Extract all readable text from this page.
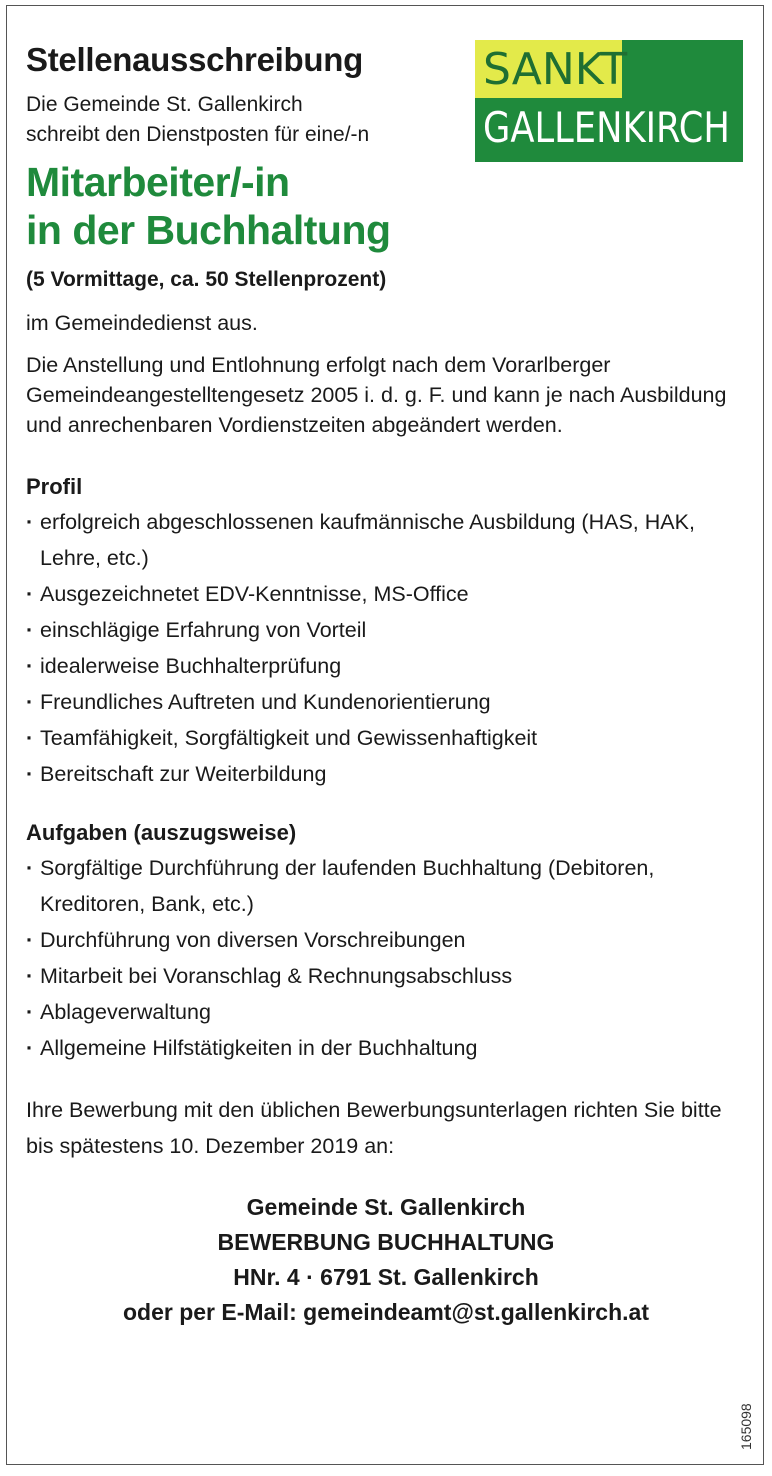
SANKT
GALLENKIRCH
Stellenausschreibung
Die Gemeinde St. Gallenkirch
schreibt den Dienstposten für eine/-n
Mitarbeiter/-in
in der Buchhaltung
(5 Vormittage, ca. 50 Stellenprozent)
im Gemeindedienst aus.
Die Anstellung und Entlohnung erfolgt nach dem Vorarlberger Gemeindeangestelltengesetz 2005 i. d. g. F. und kann je nach Ausbildung und anrechenbaren Vordienstzeiten abgeändert werden.
Profil
· erfolgreich abgeschlossenen kaufmännische Ausbildung (HAS, HAK, Lehre, etc.)
· Ausgezeichnetet EDV-Kenntnisse, MS-Office
· einschlägige Erfahrung von Vorteil
· idealerweise Buchhalterprüfung
· Freundliches Auftreten und Kundenorientierung
· Teamfähigkeit, Sorgfältigkeit und Gewissenhaftigkeit
· Bereitschaft zur Weiterbildung
Aufgaben (auszugsweise)
· Sorgfältige Durchführung der laufenden Buchhaltung (Debitoren, Kreditoren, Bank, etc.)
· Durchführung von diversen Vorschreibungen
· Mitarbeit bei Voranschlag & Rechnungsabschluss
· Ablageverwaltung
· Allgemeine Hilfstätigkeiten in der Buchhaltung
Ihre Bewerbung mit den üblichen Bewerbungsunterlagen richten Sie bitte bis spätestens 10. Dezember 2019 an:
Gemeinde St. Gallenkirch
BEWERBUNG BUCHHALTUNG
HNr. 4 · 6791 St. Gallenkirch
oder per E-Mail: gemeindeamt@st.gallenkirch.at
165098
